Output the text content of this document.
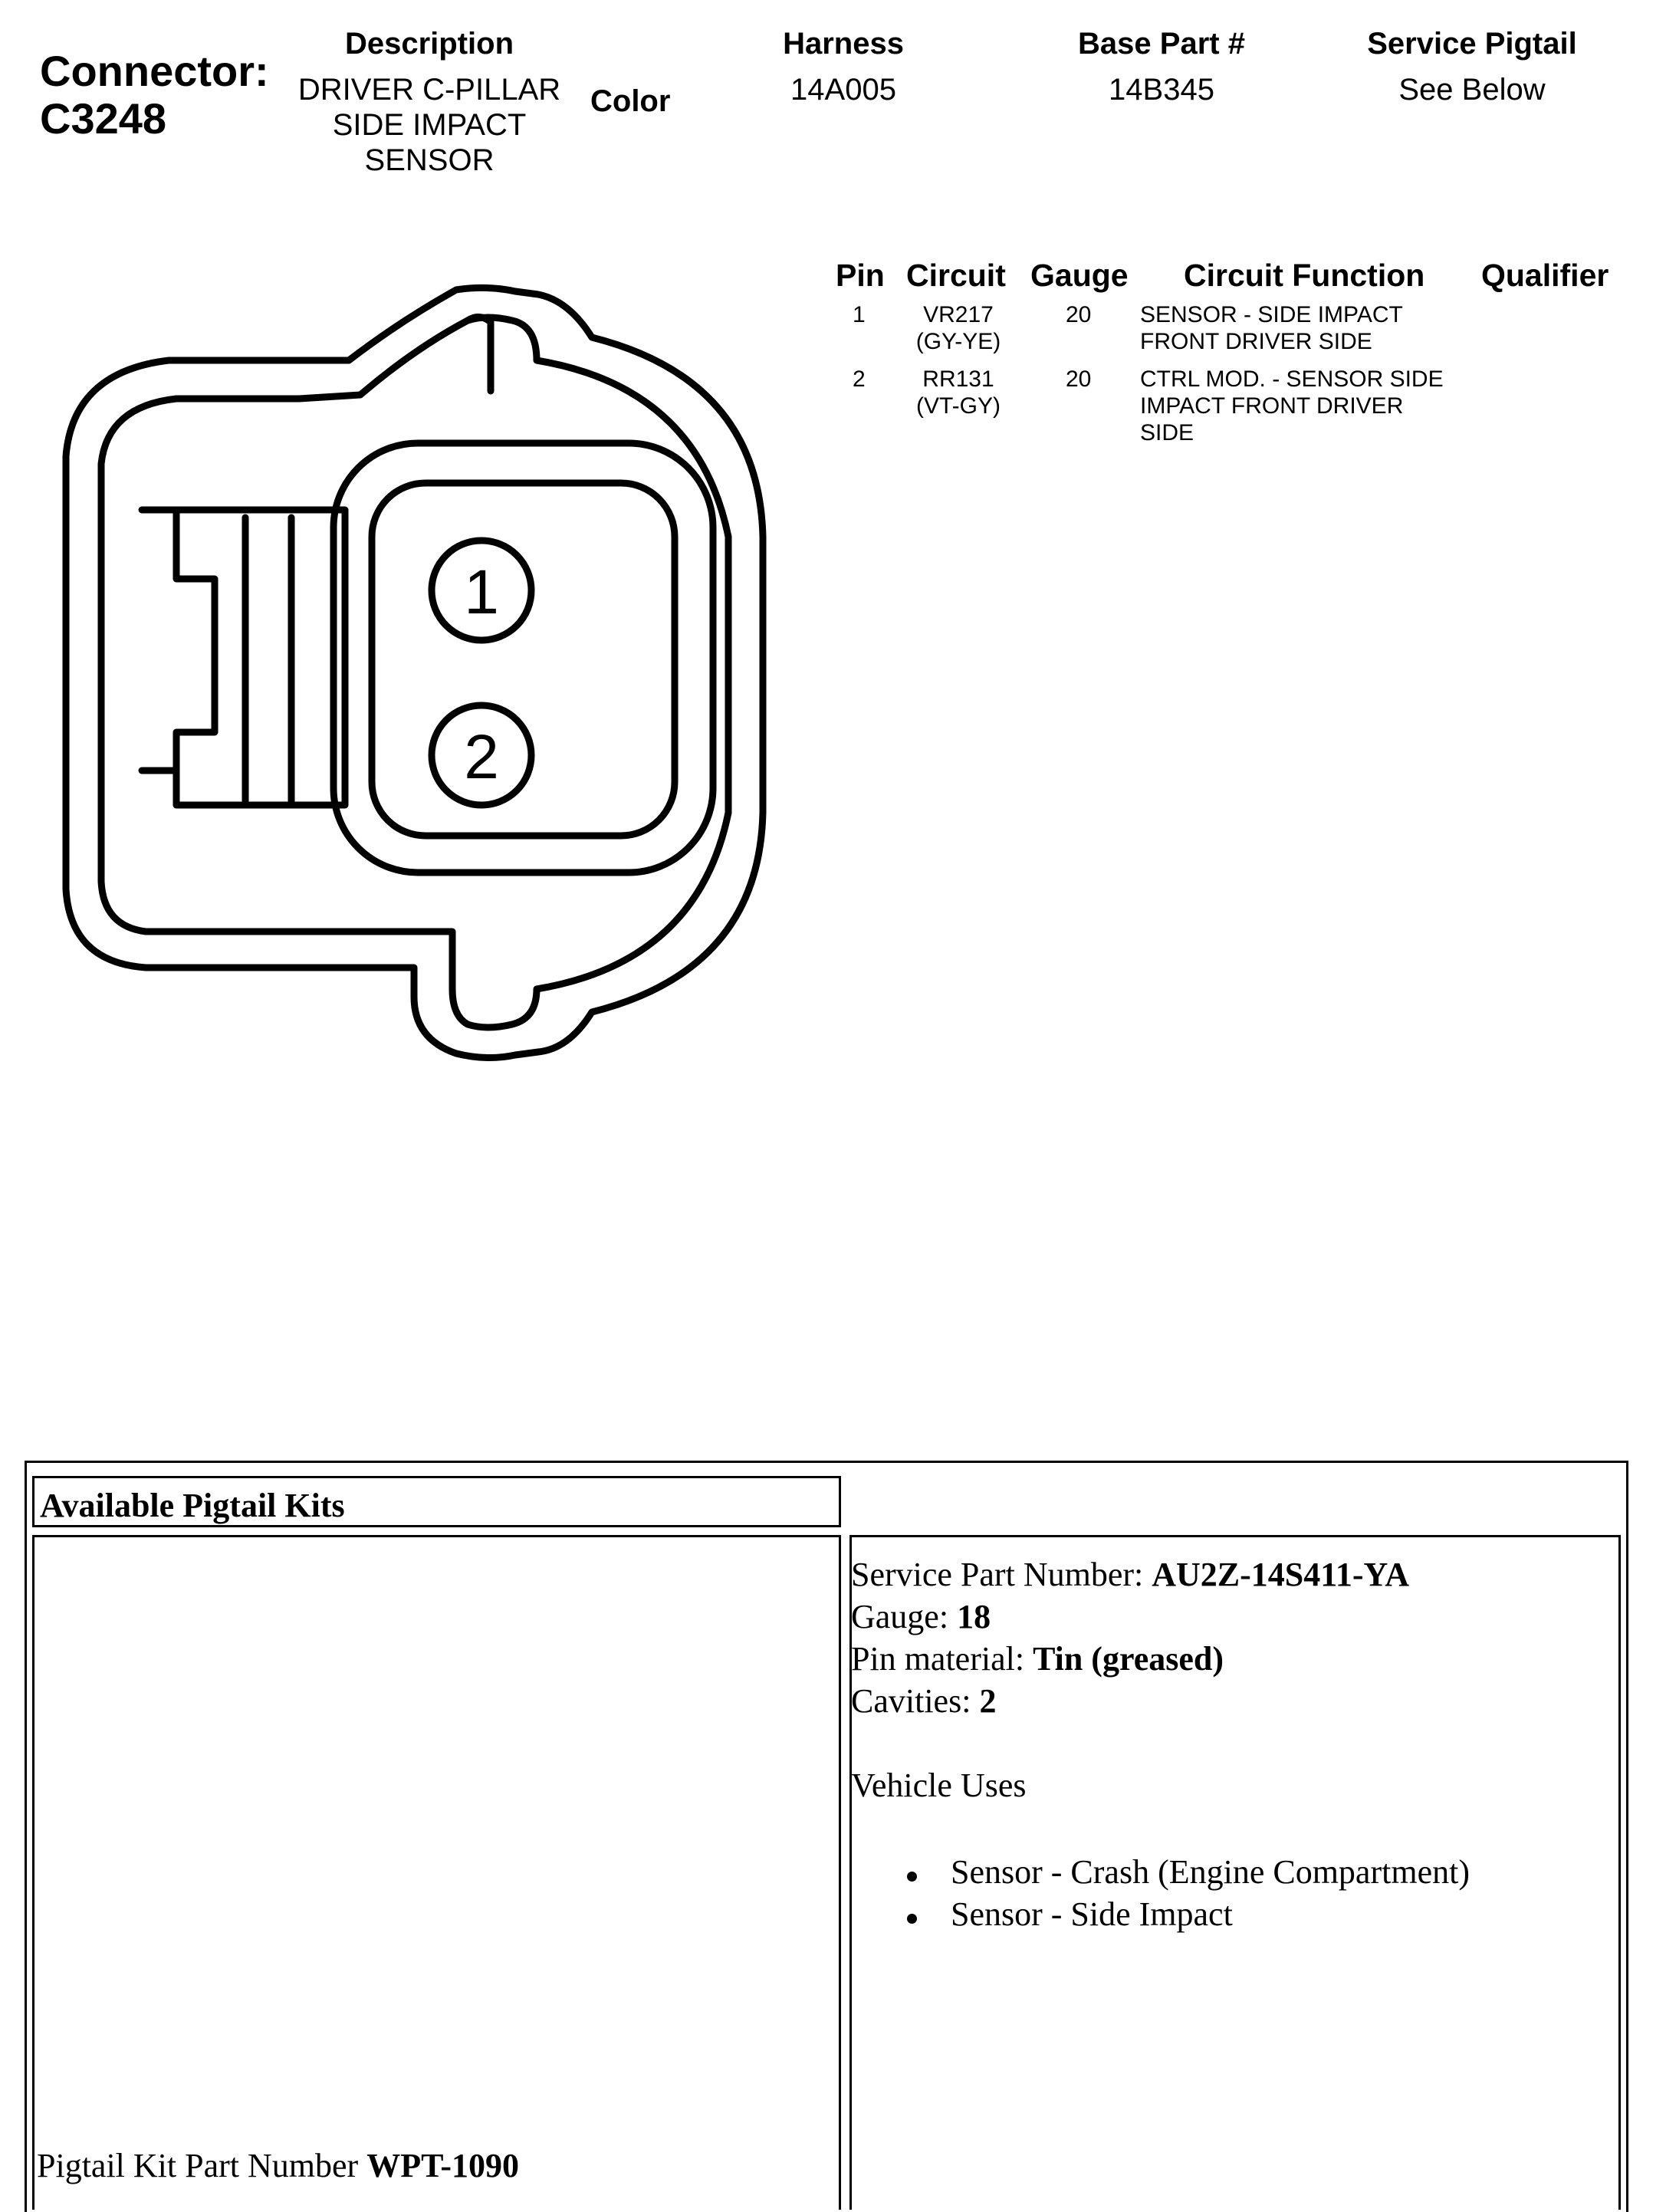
Connector:
C3248
Description
DRIVER C-PILLAR
SIDE IMPACT
SENSOR
Color
Harness
14A005
Base Part #
14B345
Service Pigtail
See Below
Pin Circuit Gauge Circuit Function Qualifier
1	VR217
(GY-YE)
20 SENSOR - SIDE IMPACT
FRONT DRIVER SIDE
2	RR131
(VT-GY)
20 CTRL MOD. - SENSOR SIDE
IMPACT FRONT DRIVER
SIDE
1
2
Available Pigtail Kits
Service Part Number: AU2Z-14S411-YA
Gauge: 18
Pin material: Tin (greased)
Cavities: 2
Vehicle Uses
Sensor - Crash (Engine Compartment)
Sensor - Side Impact
Pigtail Kit Part Number WPT-1090
